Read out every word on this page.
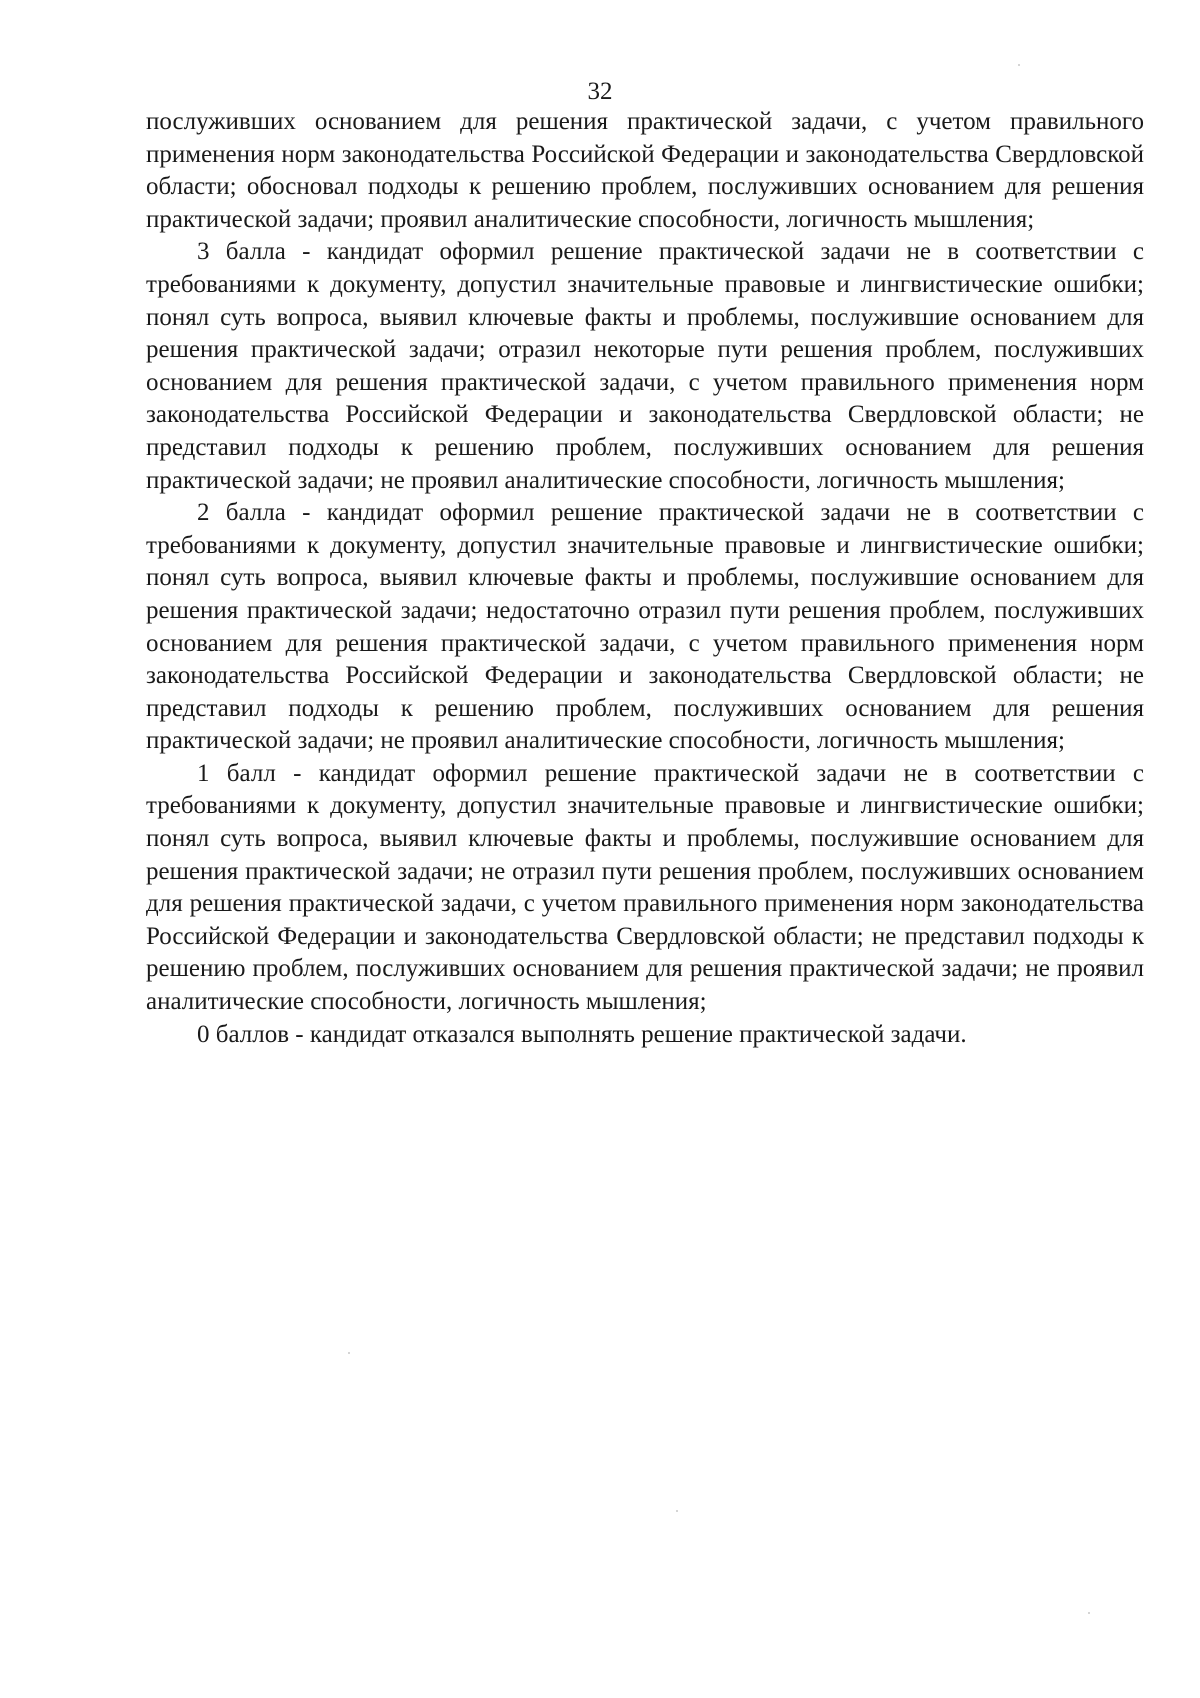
32

послуживших основанием для решения практической задачи, с учетом правильного применения норм законодательства Российской Федерации и законодательства Свердловской области; обосновал подходы к решению проблем, послуживших основанием для решения практической задачи; проявил аналитические способности, логичность мышления;

3 балла - кандидат оформил решение практической задачи не в соответствии с требованиями к документу, допустил значительные правовые и лингвистические ошибки; понял суть вопроса, выявил ключевые факты и проблемы, послужившие основанием для решения практической задачи; отразил некоторые пути решения проблем, послуживших основанием для решения практической задачи, с учетом правильного применения норм законодательства Российской Федерации и законодательства Свердловской области; не представил подходы к решению проблем, послуживших основанием для решения практической задачи; не проявил аналитические способности, логичность мышления;

2 балла - кандидат оформил решение практической задачи не в соответствии с требованиями к документу, допустил значительные правовые и лингвистические ошибки; понял суть вопроса, выявил ключевые факты и проблемы, послужившие основанием для решения практической задачи; недостаточно отразил пути решения проблем, послуживших основанием для решения практической задачи, с учетом правильного применения норм законодательства Российской Федерации и законодательства Свердловской области; не представил подходы к решению проблем, послуживших основанием для решения практической задачи; не проявил аналитические способности, логичность мышления;

1 балл - кандидат оформил решение практической задачи не в соответствии с требованиями к документу, допустил значительные правовые и лингвистические ошибки; понял суть вопроса, выявил ключевые факты и проблемы, послужившие основанием для решения практической задачи; не отразил пути решения проблем, послуживших основанием для решения практической задачи, с учетом правильного применения норм законодательства Российской Федерации и законодательства Свердловской области; не представил подходы к решению проблем, послуживших основанием для решения практической задачи; не проявил аналитические способности, логичность мышления;

0 баллов - кандидат отказался выполнять решение практической задачи.
